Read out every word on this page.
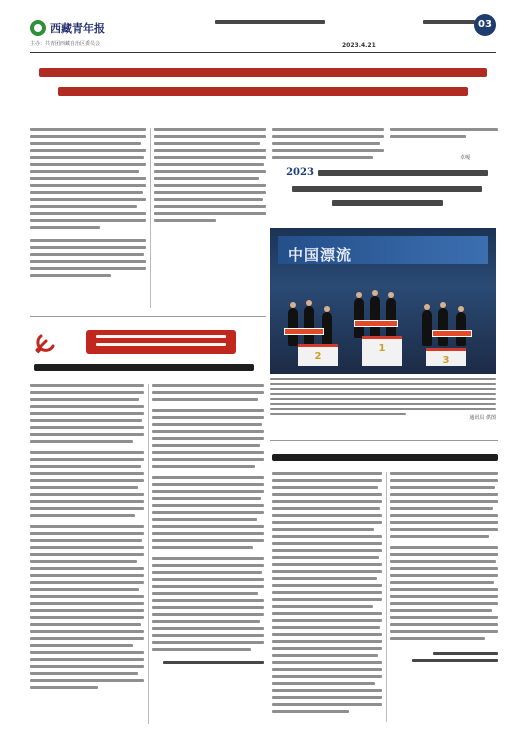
西藏青年报
主办：共青团西藏自治区委员会	2023.4.21
03
卓嘎
2023
中国漂流
2
1
3
通讯员 供图
